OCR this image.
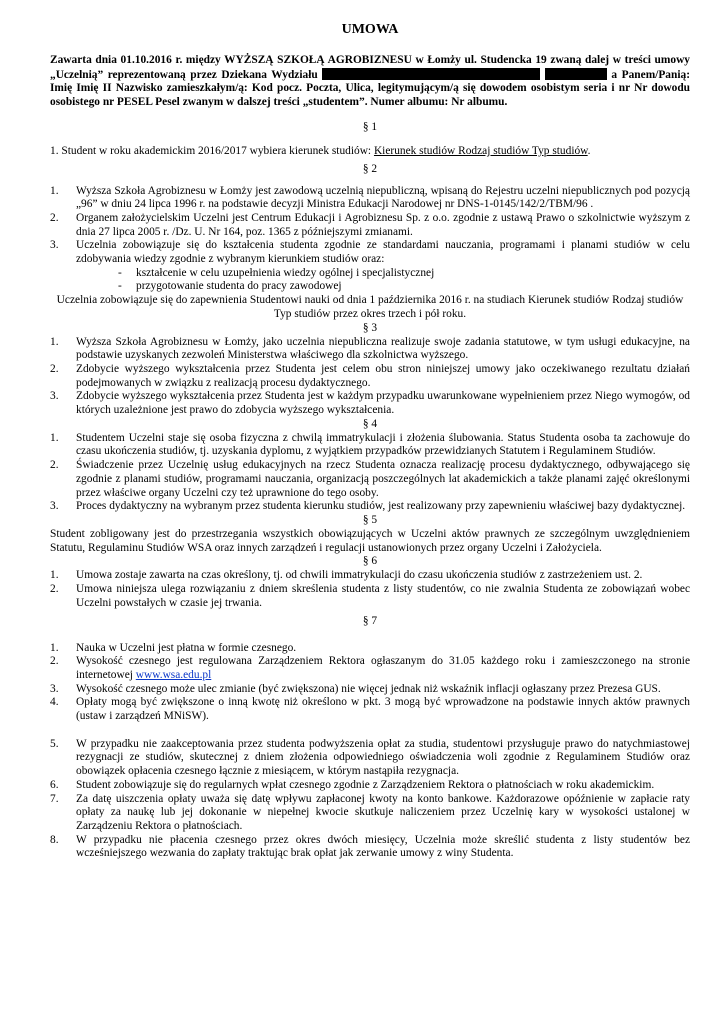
UMOWA
Zawarta dnia 01.10.2016 r. między WYŻSZĄ SZKOŁĄ AGROBIZNESU w Łomży ul. Studencka 19 zwaną dalej w treści umowy „Uczelnią” reprezentowaną przez Dziekana Wydziału	a Panem/Panią: Imię Imię II Nazwisko zamieszkałym/ą: Kod pocz. Poczta, Ulica, legitymującym/ą się dowodem osobistym seria i nr Nr dowodu osobistego nr PESEL Pesel zwanym w dalszej treści „studentem”. Numer albumu: Nr albumu.
§ 1
1. Student w roku akademickim 2016/2017 wybiera kierunek studiów: Kierunek studiów Rodzaj studiów Typ studiów.
§ 2
1. Wyższa Szkoła Agrobiznesu w Łomży jest zawodową uczelnią niepubliczną, wpisaną do Rejestru uczelni niepublicznych pod pozycją „96” w dniu 24 lipca 1996 r. na podstawie decyzji Ministra Edukacji Narodowej nr DNS-1-0145/142/2/TBM/96 .
2. Organem założycielskim Uczelni jest Centrum Edukacji i Agrobiznesu Sp. z o.o. zgodnie z ustawą Prawo o szkolnictwie wyższym z dnia 27 lipca 2005 r. /Dz. U. Nr 164, poz. 1365 z późniejszymi zmianami.
3. Uczelnia zobowiązuje się do kształcenia studenta zgodnie ze standardami nauczania, programami i planami studiów w celu zdobywania wiedzy zgodnie z wybranym kierunkiem studiów oraz:
- kształcenie w celu uzupełnienia wiedzy ogólnej i specjalistycznej
- przygotowanie studenta do pracy zawodowej
Uczelnia zobowiązuje się do zapewnienia Studentowi nauki od dnia 1 października 2016 r. na studiach Kierunek studiów Rodzaj studiów Typ studiów przez okres trzech i pół roku.
§ 3
1. Wyższa Szkoła Agrobiznesu w Łomży, jako uczelnia niepubliczna realizuje swoje zadania statutowe, w tym usługi edukacyjne, na podstawie uzyskanych zezwoleń Ministerstwa właściwego dla szkolnictwa wyższego.
2. Zdobycie wyższego wykształcenia przez Studenta jest celem obu stron niniejszej umowy jako oczekiwanego rezultatu działań podejmowanych w związku z realizacją procesu dydaktycznego.
3. Zdobycie wyższego wykształcenia przez Studenta jest w każdym przypadku uwarunkowane wypełnieniem przez Niego wymogów, od których uzależnione jest prawo do zdobycia wyższego wykształcenia.
§ 4
1. Studentem Uczelni staje się osoba fizyczna z chwilą immatrykulacji i złożenia ślubowania. Status Studenta osoba ta zachowuje do czasu ukończenia studiów, tj. uzyskania dyplomu, z wyjątkiem przypadków przewidzianych Statutem i Regulaminem Studiów.
2. Świadczenie przez Uczelnię usług edukacyjnych na rzecz Studenta oznacza realizację procesu dydaktycznego, odbywającego się zgodnie z planami studiów, programami nauczania, organizacją poszczególnych lat akademickich a także planami zajęć określonymi przez właściwe organy Uczelni czy też uprawnione do tego osoby.
3. Proces dydaktyczny na wybranym przez studenta kierunku studiów, jest realizowany przy zapewnieniu właściwej bazy dydaktycznej.
§ 5
Student zobligowany jest do przestrzegania wszystkich obowiązujących w Uczelni aktów prawnych ze szczególnym uwzględnieniem Statutu, Regulaminu Studiów WSA oraz innych zarządzeń i regulacji ustanowionych przez organy Uczelni i Założyciela.
§ 6
1. Umowa zostaje zawarta na czas określony, tj. od chwili immatrykulacji do czasu ukończenia studiów z zastrzeżeniem ust. 2.
2. Umowa niniejsza ulega rozwiązaniu z dniem skreślenia studenta z listy studentów, co nie zwalnia Studenta ze zobowiązań wobec Uczelni powstałych w czasie jej trwania.
§ 7
1. Nauka w Uczelni jest płatna w formie czesnego.
2. Wysokość czesnego jest regulowana Zarządzeniem Rektora ogłaszanym do 31.05 każdego roku i zamieszczonego na stronie internetowej www.wsa.edu.pl
3. Wysokość czesnego może ulec zmianie (być zwiększona) nie więcej jednak niż wskaźnik inflacji ogłaszany przez Prezesa GUS.
4. Opłaty mogą być zwiększone o inną kwotę niż określono w pkt. 3 mogą być wprowadzone na podstawie innych aktów prawnych (ustaw i zarządzeń MNiSW).
5. W przypadku nie zaakceptowania przez studenta podwyższenia opłat za studia, studentowi przysługuje prawo do natychmiastowej rezygnacji ze studiów, skutecznej z dniem złożenia odpowiedniego oświadczenia woli zgodnie z Regulaminem Studiów oraz obowiązek opłacenia czesnego łącznie z miesiącem, w którym nastąpiła rezygnacja.
6. Student zobowiązuje się do regularnych wpłat czesnego zgodnie z Zarządzeniem Rektora o płatnościach w roku akademickim.
7. Za datę uiszczenia opłaty uważa się datę wpływu zapłaconej kwoty na konto bankowe. Każdorazowe opóźnienie w zapłacie raty opłaty za naukę lub jej dokonanie w niepełnej kwocie skutkuje naliczeniem przez Uczelnię kary w wysokości ustalonej w Zarządzeniu Rektora o płatnościach.
8. W przypadku nie płacenia czesnego przez okres dwóch miesięcy, Uczelnia może skreślić studenta z listy studentów bez wcześniejszego wezwania do zapłaty traktując brak opłat jak zerwanie umowy z winy Studenta.
